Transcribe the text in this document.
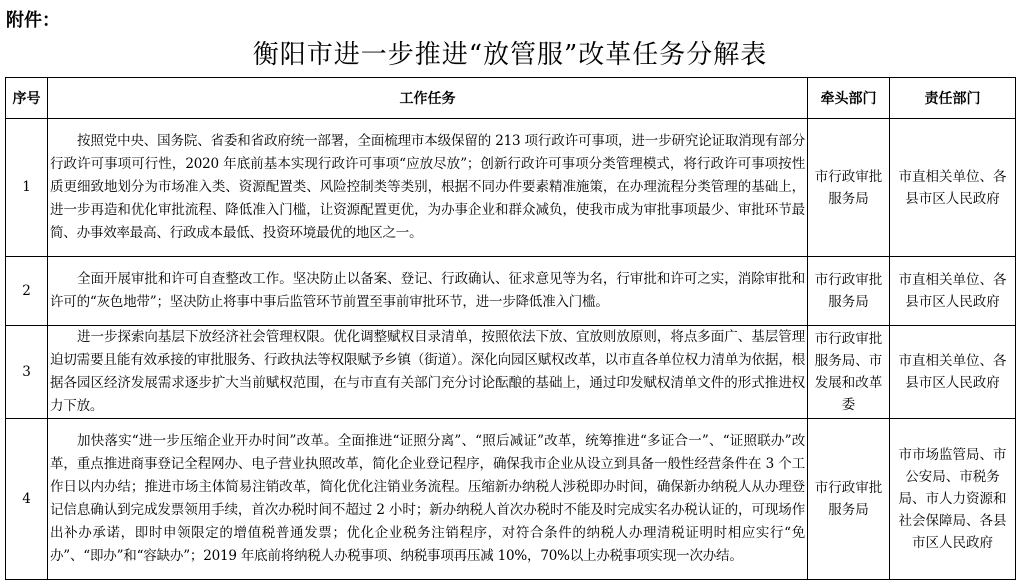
附件：
衡阳市进一步推进“放管服”改革任务分解表
序号	工作任务	牵头部门	责任部门
1	按照党中央、国务院、省委和省政府统一部署，全面梳理市本级保留的 213 项行政许可事项，进一步研究论证取消现有部分行政许可事项可行性，2020 年底前基本实现行政许可事项“应放尽放”；创新行政许可事项分类管理模式，将行政许可事项按性质更细致地划分为市场准入类、资源配置类、风险控制类等类别，根据不同办件要素精准施策，在办理流程分类管理的基础上，进一步再造和优化审批流程、降低准入门槛，让资源配置更优，为办事企业和群众减负，使我市成为审批事项最少、审批环节最简、办事效率最高、行政成本最低、投资环境最优的地区之一。	市行政审批服务局	市直相关单位、各县市区人民政府
2	全面开展审批和许可自查整改工作。坚决防止以备案、登记、行政确认、征求意见等为名，行审批和许可之实，消除审批和许可的“灰色地带”；坚决防止将事中事后监管环节前置至事前审批环节，进一步降低准入门槛。	市行政审批服务局	市直相关单位、各县市区人民政府
3	进一步探索向基层下放经济社会管理权限。优化调整赋权目录清单，按照依法下放、宜放则放原则，将点多面广、基层管理迫切需要且能有效承接的审批服务、行政执法等权限赋予乡镇（街道）。深化向园区赋权改革，以市直各单位权力清单为依据，根据各园区经济发展需求逐步扩大当前赋权范围，在与市直有关部门充分讨论酝酿的基础上，通过印发赋权清单文件的形式推进权力下放。	市行政审批服务局、市发展和改革委	市直相关单位、各县市区人民政府
4	加快落实“进一步压缩企业开办时间”改革。全面推进“证照分离”、“照后减证”改革，统筹推进“多证合一”、“证照联办”改革，重点推进商事登记全程网办、电子营业执照改革，简化企业登记程序，确保我市企业从设立到具备一般性经营条件在 3 个工作日以内办结；推进市场主体简易注销改革，简化优化注销业务流程。压缩新办纳税人涉税即办时间，确保新办纳税人从办理登记信息确认到完成发票领用手续，首次办税时间不超过 2 小时；新办纳税人首次办税时不能及时完成实名办税认证的，可现场作出补办承诺，即时申领限定的增值税普通发票；优化企业税务注销程序，对符合条件的纳税人办理清税证明时相应实行“免办”、“即办”和“容缺办”；2019 年底前将纳税人办税事项、纳税事项再压减 10%，70%以上办税事项实现一次办结。	市行政审批服务局	市市场监管局、市公安局、市税务局、市人力资源和社会保障局、各县市区人民政府
